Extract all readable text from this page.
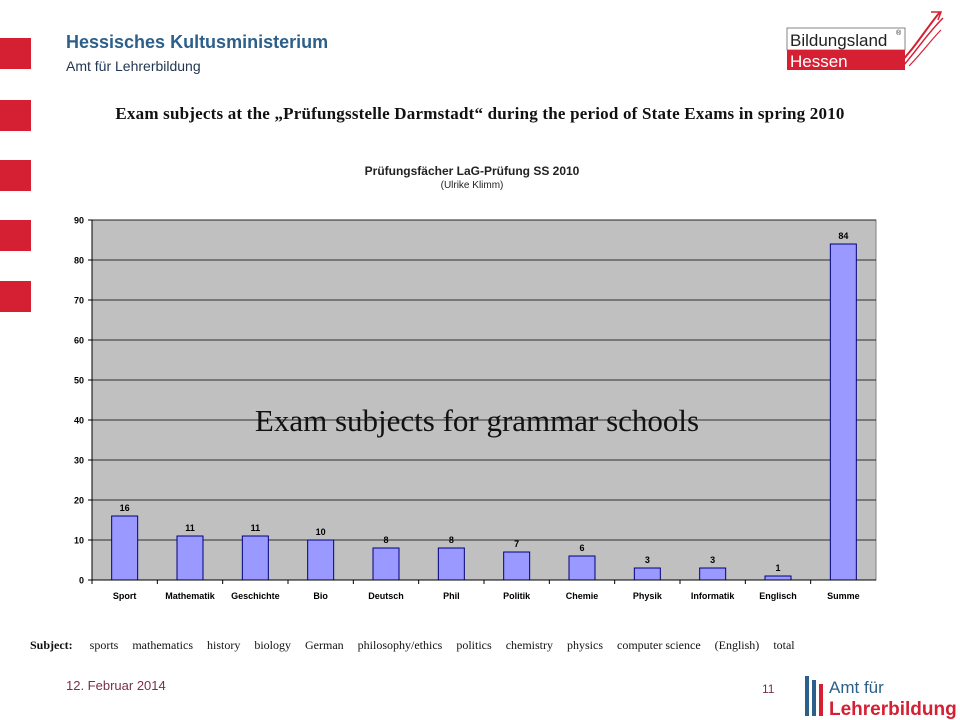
Hessisches Kultusministerium
Amt für Lehrerbildung
Bildungsland ®
Hessen
Exam subjects at the „Prüfungsstelle Darmstadt“ during the period of State Exams in spring 2010
Prüfungsfächer LaG-Prüfung SS 2010
(Ulrike Klimm)
0
10
20
30
40
50
60
70
80
90
16
11	11	10
8	8	7	6
3	3
1
84
Sport	Mathematik Geschichte	Bio	Deutsch	Phil	Politik	Chemie	Physik	Informatik	Englisch	Summe
Exam subjects for grammar schools
Subject: sports mathematics history biology German philosophy/ethics politics chemistry physics computer science (English) total
12. Februar 2014	11	Amt für
Lehrerbildung
